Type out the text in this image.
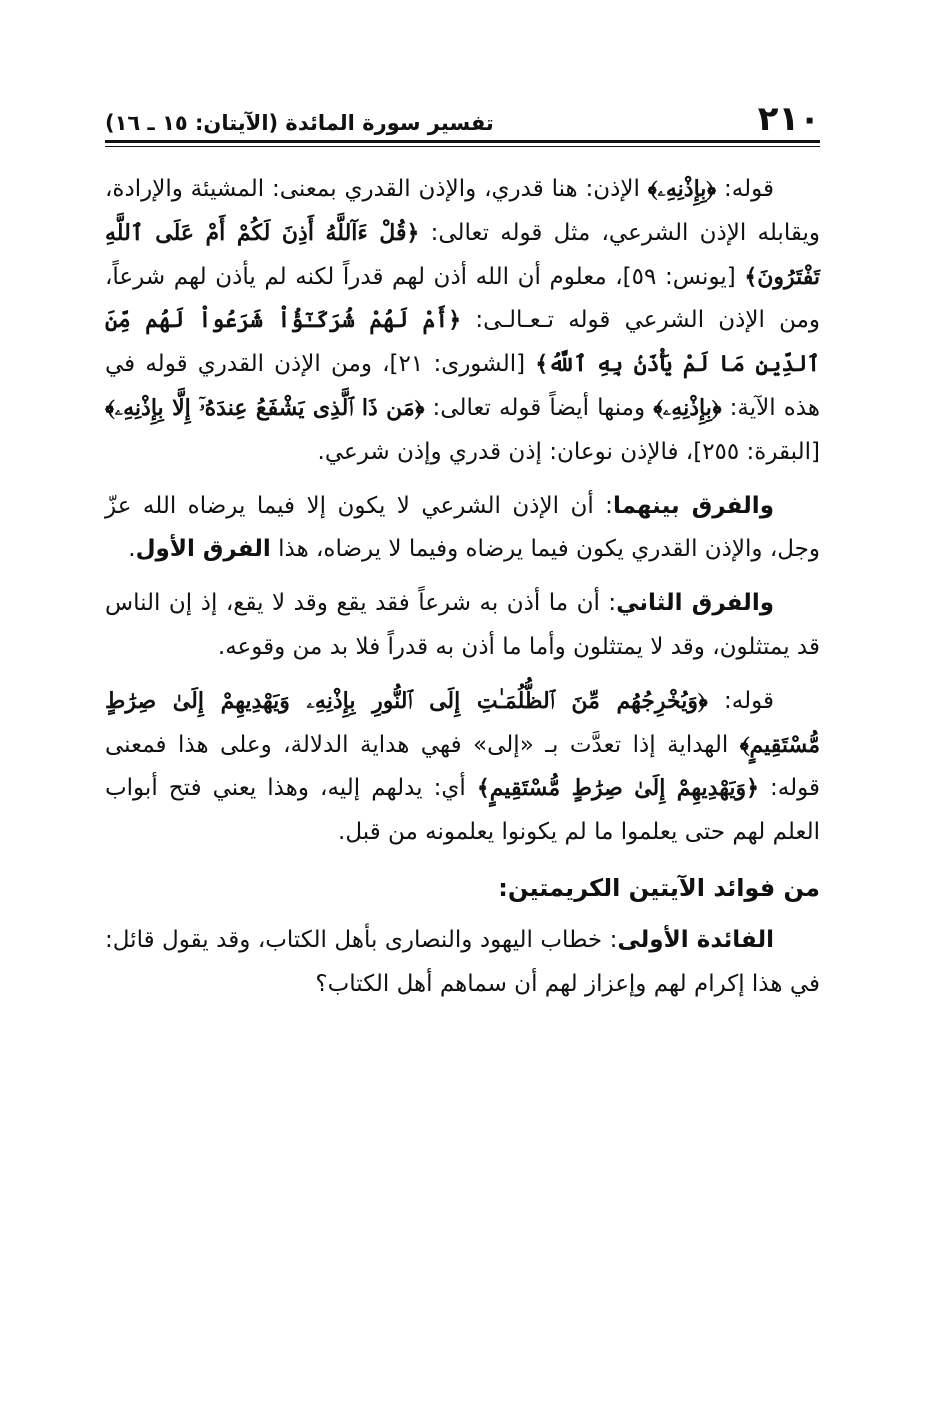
٢١٠
تفسير سورة المائدة (الآيتان: ١٥ ـ ١٦)

قوله: ﴿بِإِذْنِهِۦ﴾ الإذن: هنا قدري، والإذن القدري بمعنى: المشيئة والإرادة، ويقابله الإذن الشرعي، مثل قوله تعالى: ﴿قُلْ ءَآللَّهُ أَذِنَ لَكُمْ أَمْ عَلَى ٱللَّهِ تَفْتَرُونَ﴾ [يونس: ٥٩]، معلوم أن الله أذن لهم قدراً لكنه لم يأذن لهم شرعاً، ومن الإذن الشرعي قوله تـعـالـى: ﴿أَمْ لَهُمْ شُرَكَـٰٓؤُاْ شَرَعُواْ لَهُم مِّنَ ٱلدِّينِ مَا لَمْ يَأْذَنۢ بِهِ ٱللَّهُ﴾ [الشورى: ٢١]، ومن الإذن القدري قوله في هذه الآية: ﴿بِإِذْنِهِۦ﴾ ومنها أيضاً قوله تعالى: ﴿مَن ذَا ٱلَّذِى يَشْفَعُ عِندَهُۥٓ إِلَّا بِإِذْنِهِۦ﴾ [البقرة: ٢٥٥]، فالإذن نوعان: إذن قدري وإذن شرعي.

والفرق بينهما: أن الإذن الشرعي لا يكون إلا فيما يرضاه الله عزّ وجل، والإذن القدري يكون فيما يرضاه وفيما لا يرضاه، هذا الفرق الأول.

والفرق الثاني: أن ما أذن به شرعاً فقد يقع وقد لا يقع، إذ إن الناس قد يمتثلون، وقد لا يمتثلون وأما ما أذن به قدراً فلا بد من وقوعه.

قوله: ﴿وَيُخْرِجُهُم مِّنَ ٱلظُّلُمَـٰتِ إِلَى ٱلنُّورِ بِإِذْنِهِۦ وَيَهْدِيهِمْ إِلَىٰ صِرَٰطٍ مُّسْتَقِيمٍ﴾ الهداية إذا تعدَّت بـ «إلى» فهي هداية الدلالة، وعلى هذا فمعنى قوله: ﴿وَيَهْدِيهِمْ إِلَىٰ صِرَٰطٍ مُّسْتَقِيمٍ﴾ أي: يدلهم إليه، وهذا يعني فتح أبواب العلم لهم حتى يعلموا ما لم يكونوا يعلمونه من قبل.

من فوائد الآيتين الكريمتين:

الفائدة الأولى: خطاب اليهود والنصارى بأهل الكتاب، وقد يقول قائل: في هذا إكرام لهم وإعزاز لهم أن سماهم أهل الكتاب؟
